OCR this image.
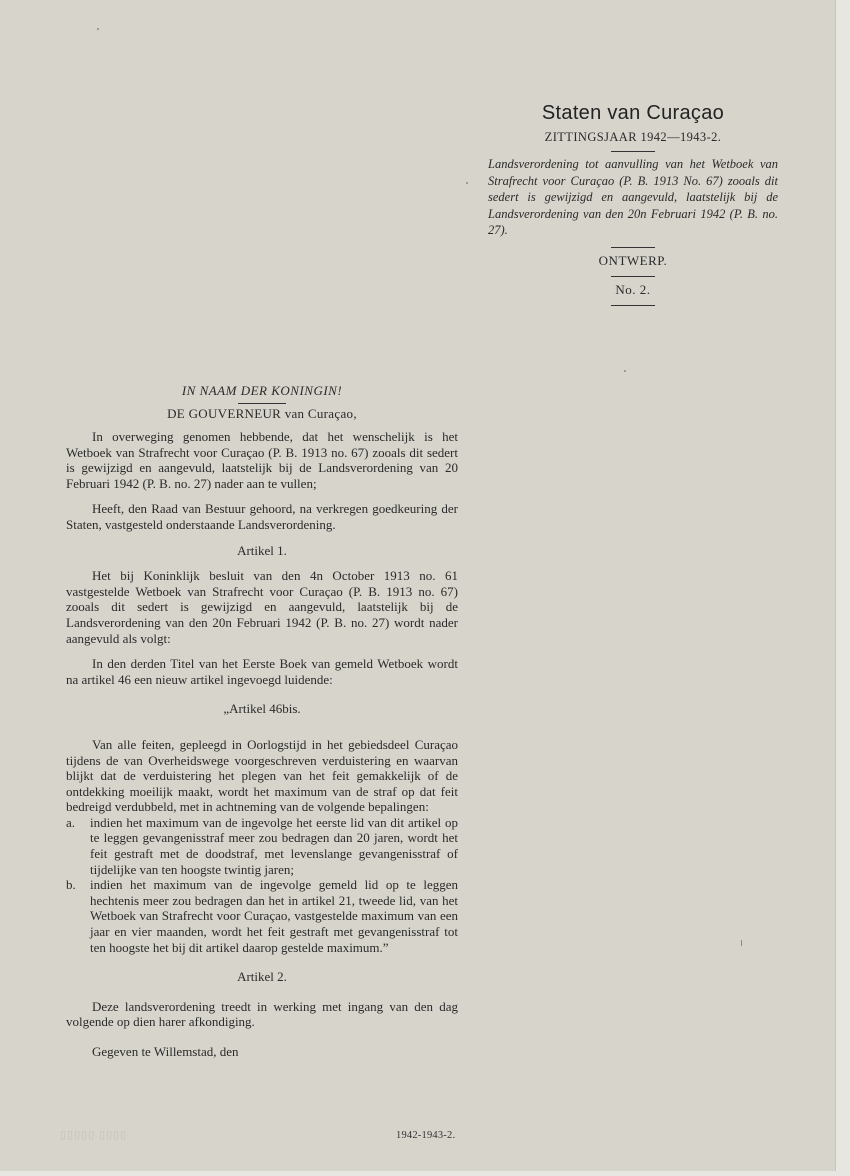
Staten van Curaçao
ZITTINGSJAAR 1942—1943-2.

Landsverordening tot aanvulling van het Wetboek van Strafrecht voor Curaçao (P. B. 1913 No. 67) zooals dit sedert is gewijzigd en aangevuld, laatstelijk bij de Landsverordening van den 20n Februari 1942 (P. B. no. 27).

ONTWERP.
No. 2.
IN NAAM DER KONINGIN!
DE GOUVERNEUR van Curaçao,

In overweging genomen hebbende, dat het wenschelijk is het Wetboek van Strafrecht voor Curaçao (P. B. 1913 no. 67) zooals dit sedert is gewijzigd en aangevuld, laatstelijk bij de Landsverordening van 20 Februari 1942 (P. B. no. 27) nader aan te vullen;

Heeft, den Raad van Bestuur gehoord, na verkregen goedkeuring der Staten, vastgesteld onderstaande Landsverordening.

Artikel 1.

Het bij Koninklijk besluit van den 4n October 1913 no. 61 vastgestelde Wetboek van Strafrecht voor Curaçao (P. B. 1913 no. 67) zooals dit sedert is gewijzigd en aangevuld, laatstelijk bij de Landsverordening van den 20n Februari 1942 (P. B. no. 27) wordt nader aangevuld als volgt:

In den derden Titel van het Eerste Boek van gemeld Wetboek wordt na artikel 46 een nieuw artikel ingevoegd luidende:

„Artikel 46bis.

Van alle feiten, gepleegd in Oorlogstijd in het gebiedsdeel Curaçao tijdens de van Overheidswege voorgeschreven verduistering en waarvan blijkt dat de verduistering het plegen van het feit gemakkelijk of de ontdekking moeilijk maakt, wordt het maximum van de straf op dat feit bedreigd verdubbeld, met in achtneming van de volgende bepalingen:

a.	indien het maximum van de ingevolge het eerste lid van dit artikel op te leggen gevangenisstraf meer zou bedragen dan 20 jaren, wordt het feit gestraft met de doodstraf, met levenslange gevangenisstraf of tijdelijke van ten hoogste twintig jaren;
b.	indien het maximum van de ingevolge gemeld lid op te leggen hechtenis meer zou bedragen dan het in artikel 21, tweede lid, van het Wetboek van Strafrecht voor Curaçao, vastgestelde maximum van een jaar en vier maanden, wordt het feit gestraft met gevangenisstraf tot ten hoogste het bij dit artikel daarop gestelde maximum.”
Artikel 2.

Deze landsverordening treedt in werking met ingang van den dag volgende op dien harer afkondiging.

Gegeven te Willemstad, den

▯▯▯▯▯ ▯▯▯▯	1942-1943-2.
